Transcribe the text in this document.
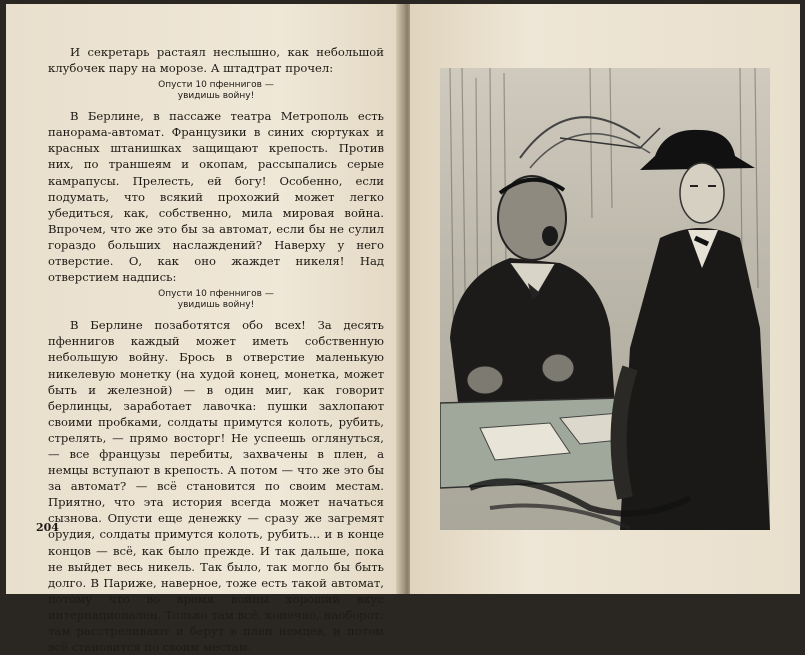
И секретарь растаял неслышно, как небольшой клубочек пару на морозе. А штадтрат прочел:

Опусти 10 пфеннигов —
увидишь войну!

В Берлине, в пассаже театра Метрополь есть панорама-автомат. Французики в синих сюртуках и красных штанишках защищают крепость. Против них, по траншеям и окопам, рассыпались серые камрапусы. Прелесть, ей богу! Особенно, если подумать, что всякий прохожий может легко убедиться, как, собственно, мила мировая война. Впрочем, что же это бы за автомат, если бы не сулил гораздо больших наслаждений? Наверху у него отверстие. О, как оно жаждет никеля! Над отверстием надпись:

Опусти 10 пфеннигов —
увидишь войну!

В Берлине позаботятся обо всех! За десять пфеннигов каждый может иметь собственную небольшую войну. Брось в отверстие маленькую никелевую монетку (на худой конец, монетка, может быть и железной) — в один миг, как говорит берлинцы, заработает лавочка: пушки захлопают своими пробками, солдаты примутся колоть, рубить, стрелять, — прямо восторг! Не успеешь оглянуться, — все французы перебиты, захвачены в плен, а немцы вступают в крепость. А потом — что же это бы за автомат? — всё становится по своим местам. Приятно, что эта история всегда может начаться сызнова. Опусти еще денежку — сразу же загремят орудия, солдаты примутся колоть, рубить... и в конце концов — всё, как было прежде. И так дальше, пока не выйдет весь никель. Так было, так могло бы быть долго. В Париже, наверное, тоже есть такой автомат, потому что во время войны хороший вкус интернационален. Только там всё, конечно, наоборот: там расстреливают и берут в плен немцев, и потом всё становится по своим местам.

204
